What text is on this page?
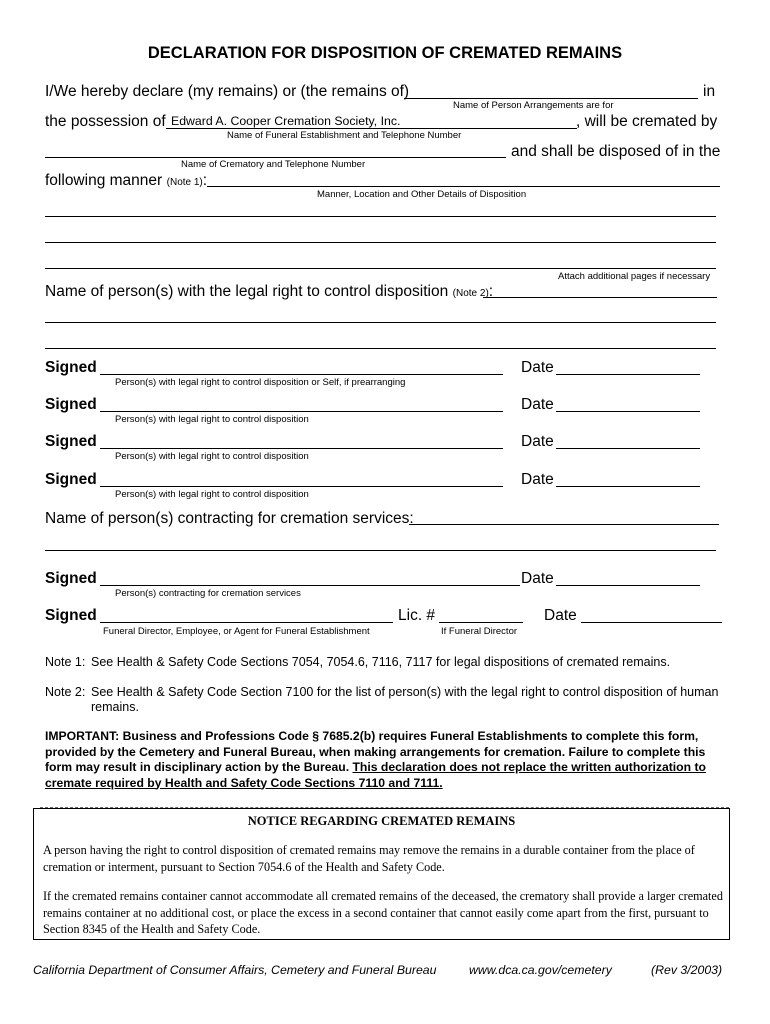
DECLARATION FOR DISPOSITION OF CREMATED REMAINS
I/We hereby declare (my remains) or (the remains of)	in
Name of Person Arrangements are for
the possession of Edward A. Cooper Cremation Society, Inc.	, will be cremated by
Name of Funeral Establishment and Telephone Number
and shall be disposed of in the
Name of Crematory and Telephone Number
following manner (Note 1):
Manner, Location and Other Details of Disposition
Attach additional pages if necessary
Name of person(s) with the legal right to control disposition (Note 2):
Signed	Date
Person(s) with legal right to control disposition or Self, if prearranging
Signed	Date
Person(s) with legal right to control disposition
Signed	Date
Person(s) with legal right to control disposition
Signed	Date
Person(s) with legal right to control disposition
Name of person(s) contracting for cremation services:
Signed	Date
Person(s) contracting for cremation services
Signed	Lic. #	Date
Funeral Director, Employee, or Agent for Funeral Establishment	If Funeral Director
Note 1: See Health & Safety Code Sections 7054, 7054.6, 7116, 7117 for legal dispositions of cremated remains.
Note 2: See Health & Safety Code Section 7100 for the list of person(s) with the legal right to control disposition of human
remains.
IMPORTANT: Business and Professions Code § 7685.2(b) requires Funeral Establishments to complete this form, provided by the Cemetery and Funeral Bureau, when making arrangements for cremation. Failure to complete this form may result in disciplinary action by the Bureau. This declaration does not replace the written authorization to cremate required by Health and Safety Code Sections 7110 and 7111.
NOTICE REGARDING CREMATED REMAINS
A person having the right to control disposition of cremated remains may remove the remains in a durable container from the place of cremation or interment, pursuant to Section 7054.6 of the Health and Safety Code.
If the cremated remains container cannot accommodate all cremated remains of the deceased, the crematory shall provide a larger cremated remains container at no additional cost, or place the excess in a second container that cannot easily come apart from the first, pursuant to Section 8345 of the Health and Safety Code.
California Department of Consumer Affairs, Cemetery and Funeral Bureau	www.dca.ca.gov/cemetery	(Rev 3/2003)
